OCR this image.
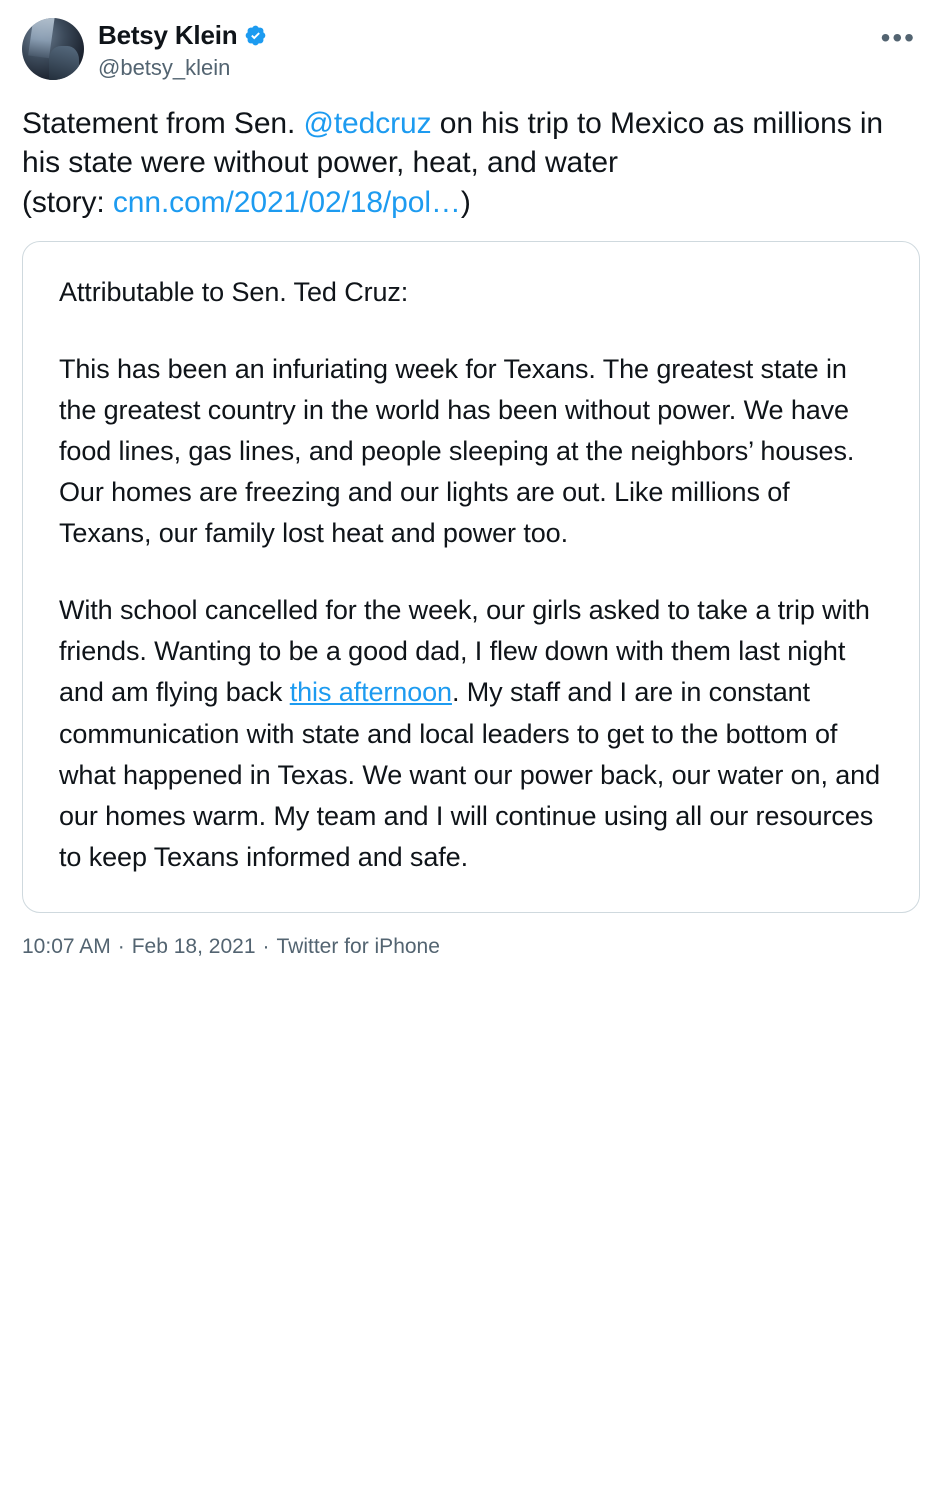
Betsy Klein
@betsy_klein
•••
Statement from Sen. @tedcruz on his trip to Mexico as millions in his state were without power, heat, and water
(story: cnn.com/2021/02/18/pol…)

Attributable to Sen. Ted Cruz:

This has been an infuriating week for Texans. The greatest state in the greatest country in the world has been without power. We have food lines, gas lines, and people sleeping at the neighbors’ houses. Our homes are freezing and our lights are out. Like millions of Texans, our family lost heat and power too.

With school cancelled for the week, our girls asked to take a trip with friends. Wanting to be a good dad, I flew down with them last night and am flying back this afternoon. My staff and I are in constant communication with state and local leaders to get to the bottom of what happened in Texas. We want our power back, our water on, and our homes warm. My team and I will continue using all our resources to keep Texans informed and safe.

10:07 AM · Feb 18, 2021 · Twitter for iPhone
